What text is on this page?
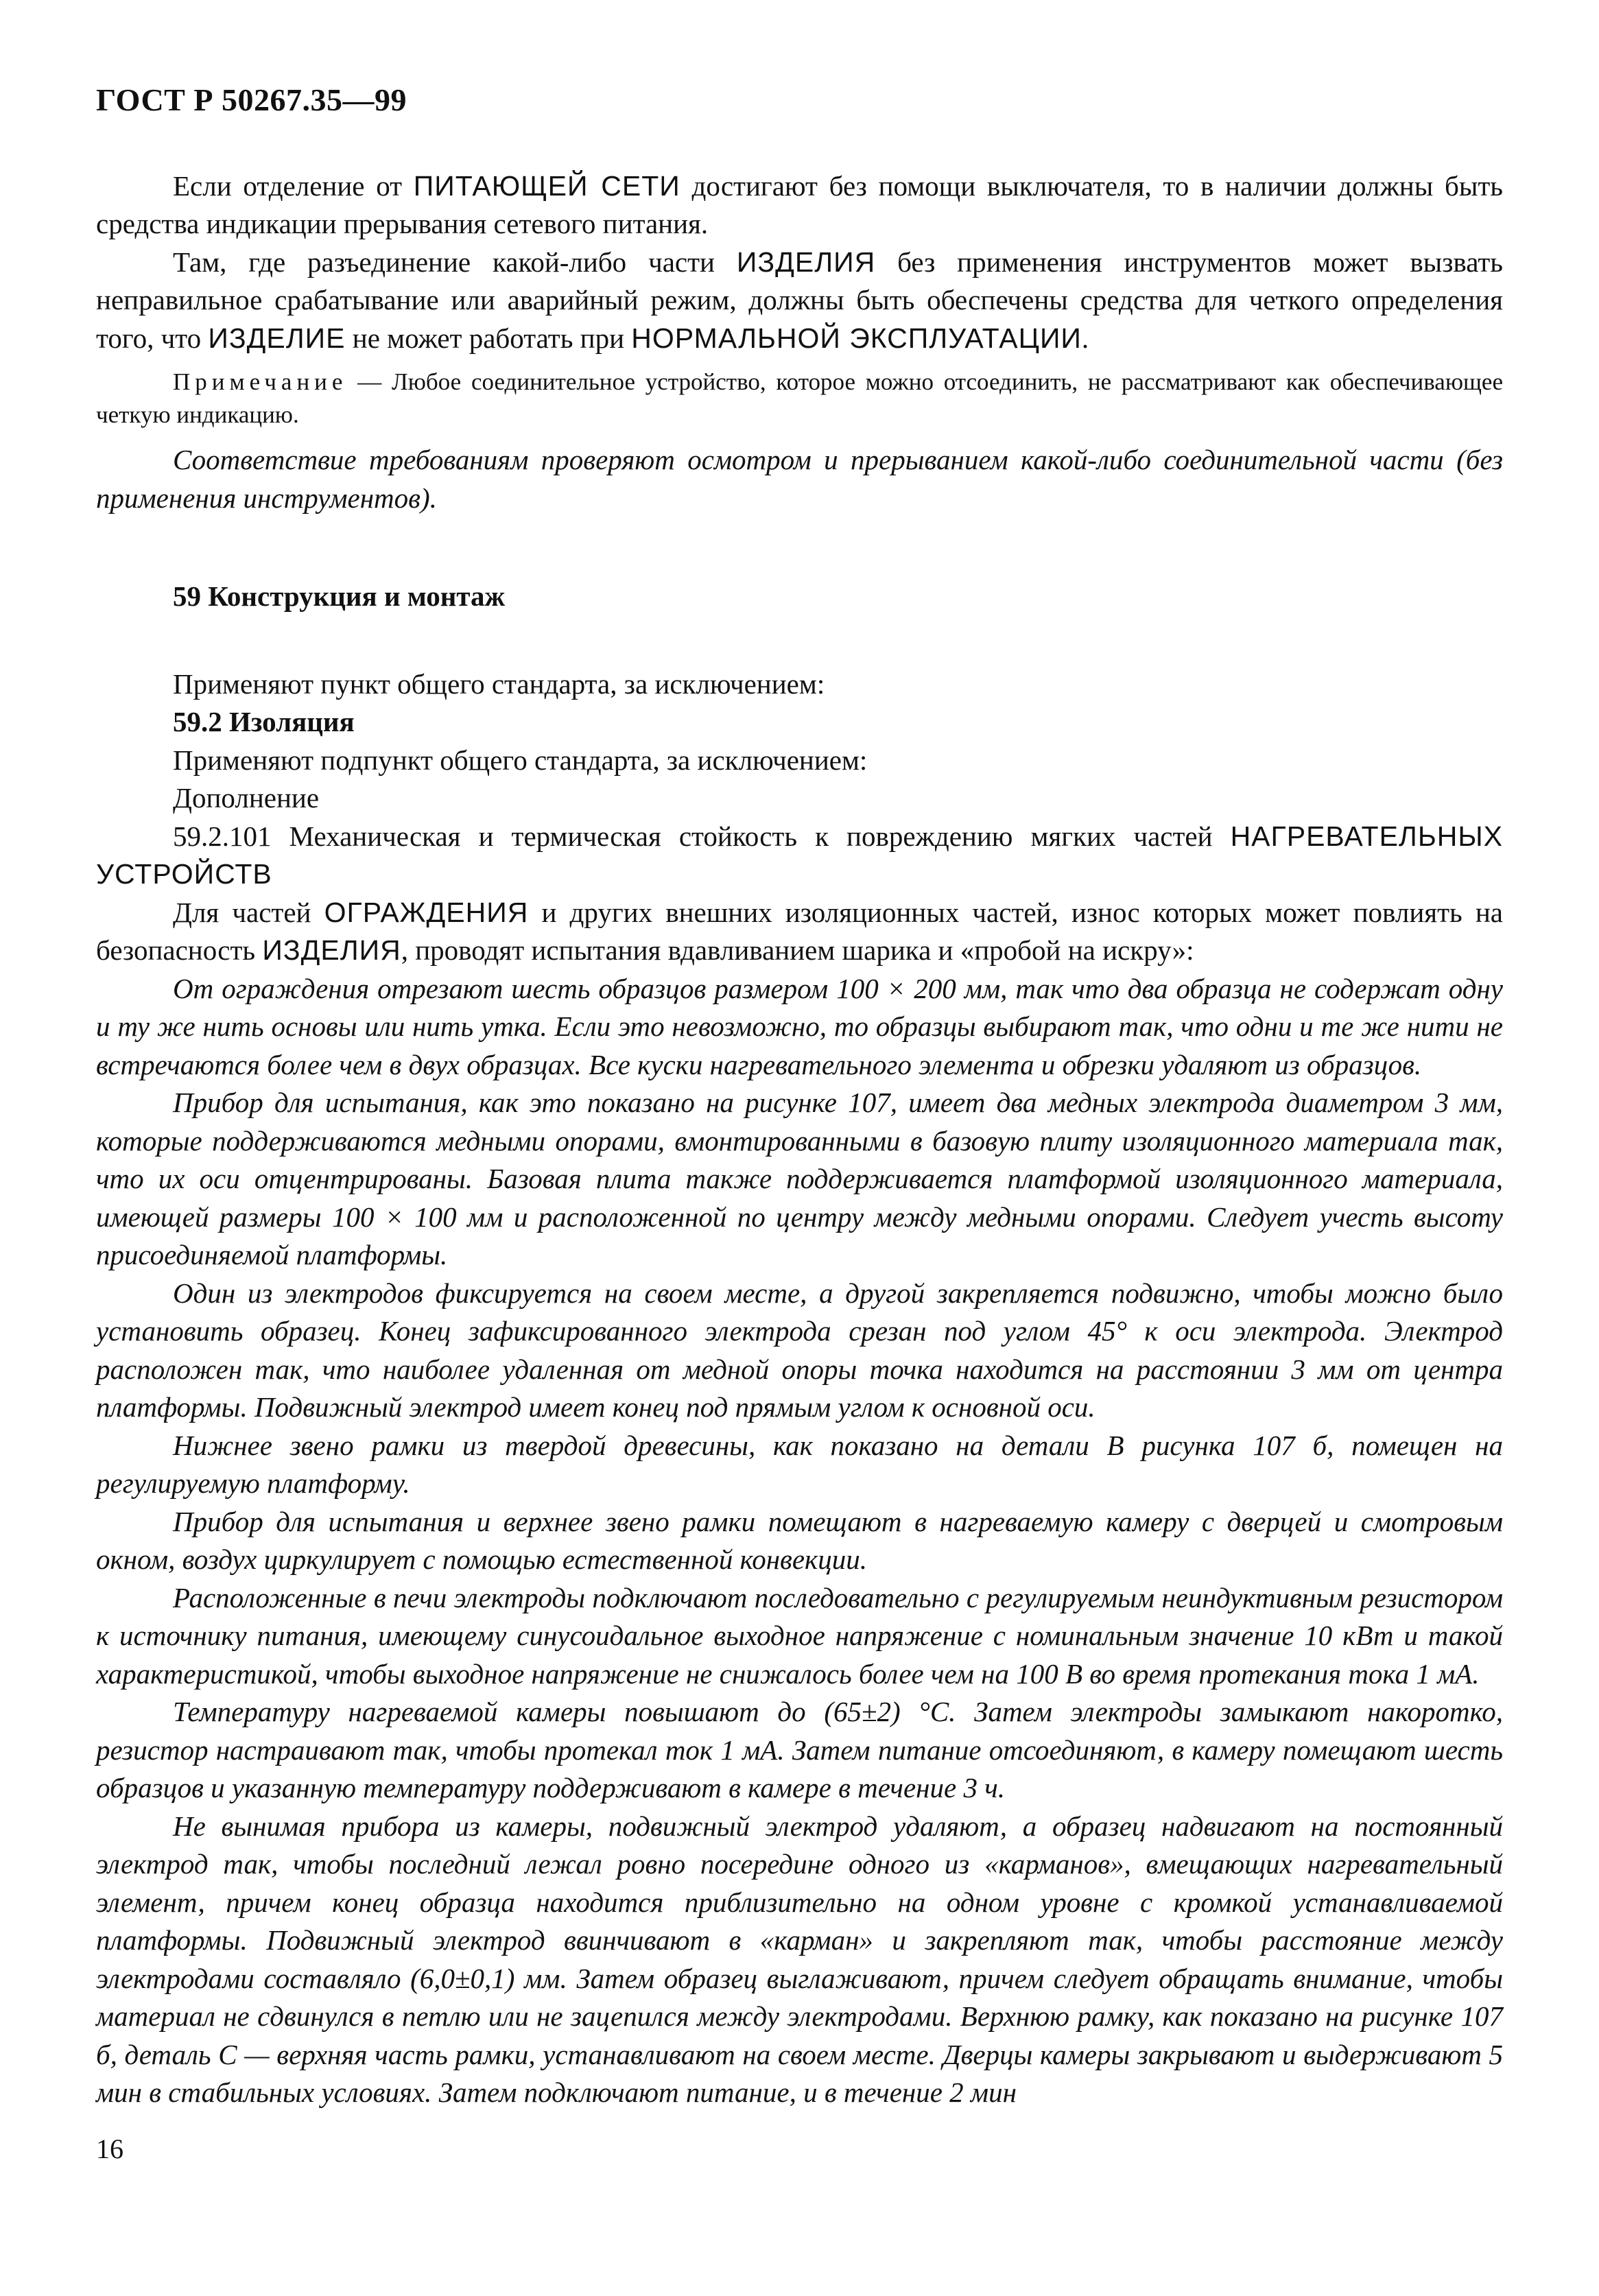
ГОСТ Р 50267.35—99

Если отделение от ПИТАЮЩЕЙ СЕТИ достигают без помощи выключателя, то в наличии должны быть средства индикации прерывания сетевого питания.

Там, где разъединение какой-либо части ИЗДЕЛИЯ без применения инструментов может вызвать неправильное срабатывание или аварийный режим, должны быть обеспечены средства для четкого определения того, что ИЗДЕЛИЕ не может работать при НОРМАЛЬНОЙ ЭКСПЛУАТАЦИИ.

Примечание — Любое соединительное устройство, которое можно отсоединить, не рассматривают как обеспечивающее четкую индикацию.

Соответствие требованиям проверяют осмотром и прерыванием какой-либо соединительной части (без применения инструментов).

59 Конструкция и монтаж
Применяют пункт общего стандарта, за исключением:
59.2 Изоляция
Применяют подпункт общего стандарта, за исключением:
Дополнение

59.2.101 Механическая и термическая стойкость к повреждению мягких частей НАГРЕВАТЕЛЬНЫХ УСТРОЙСТВ

Для частей ОГРАЖДЕНИЯ и других внешних изоляционных частей, износ которых может повлиять на безопасность ИЗДЕЛИЯ, проводят испытания вдавливанием шарика и «пробой на искру»:

От ограждения отрезают шесть образцов размером 100 × 200 мм, так что два образца не содержат одну и ту же нить основы или нить утка. Если это невозможно, то образцы выбирают так, что одни и те же нити не встречаются более чем в двух образцах. Все куски нагревательного элемента и обрезки удаляют из образцов.

Прибор для испытания, как это показано на рисунке 107, имеет два медных электрода диаметром 3 мм, которые поддерживаются медными опорами, вмонтированными в базовую плиту изоляционного материала так, что их оси отцентрированы. Базовая плита также поддерживается платформой изоляционного материала, имеющей размеры 100 × 100 мм и расположенной по центру между медными опорами. Следует учесть высоту присоединяемой платформы.

Один из электродов фиксируется на своем месте, а другой закрепляется подвижно, чтобы можно было установить образец. Конец зафиксированного электрода срезан под углом 45° к оси электрода. Электрод расположен так, что наиболее удаленная от медной опоры точка находится на расстоянии 3 мм от центра платформы. Подвижный электрод имеет конец под прямым углом к основной оси.

Нижнее звено рамки из твердой древесины, как показано на детали В рисунка 107 б, помещен на регулируемую платформу.

Прибор для испытания и верхнее звено рамки помещают в нагреваемую камеру с дверцей и смотровым окном, воздух циркулирует с помощью естественной конвекции.

Расположенные в печи электроды подключают последовательно с регулируемым неиндуктивным резистором к источнику питания, имеющему синусоидальное выходное напряжение с номинальным значение 10 кВт и такой характеристикой, чтобы выходное напряжение не снижалось более чем на 100 В во время протекания тока 1 мА.

Температуру нагреваемой камеры повышают до (65±2) °С. Затем электроды замыкают накоротко, резистор настраивают так, чтобы протекал ток 1 мА. Затем питание отсоединяют, в камеру помещают шесть образцов и указанную температуру поддерживают в камере в течение 3 ч.

Не вынимая прибора из камеры, подвижный электрод удаляют, а образец надвигают на постоянный электрод так, чтобы последний лежал ровно посередине одного из «карманов», вмещающих нагревательный элемент, причем конец образца находится приблизительно на одном уровне с кромкой устанавливаемой платформы. Подвижный электрод ввинчивают в «карман» и закрепляют так, чтобы расстояние между электродами составляло (6,0±0,1) мм. Затем образец выглаживают, причем следует обращать внимание, чтобы материал не сдвинулся в петлю или не зацепился между электродами. Верхнюю рамку, как показано на рисунке 107 б, деталь С — верхняя часть рамки, устанавливают на своем месте. Дверцы камеры закрывают и выдерживают 5 мин в стабильных условиях. Затем подключают питание, и в течение 2 мин

16
